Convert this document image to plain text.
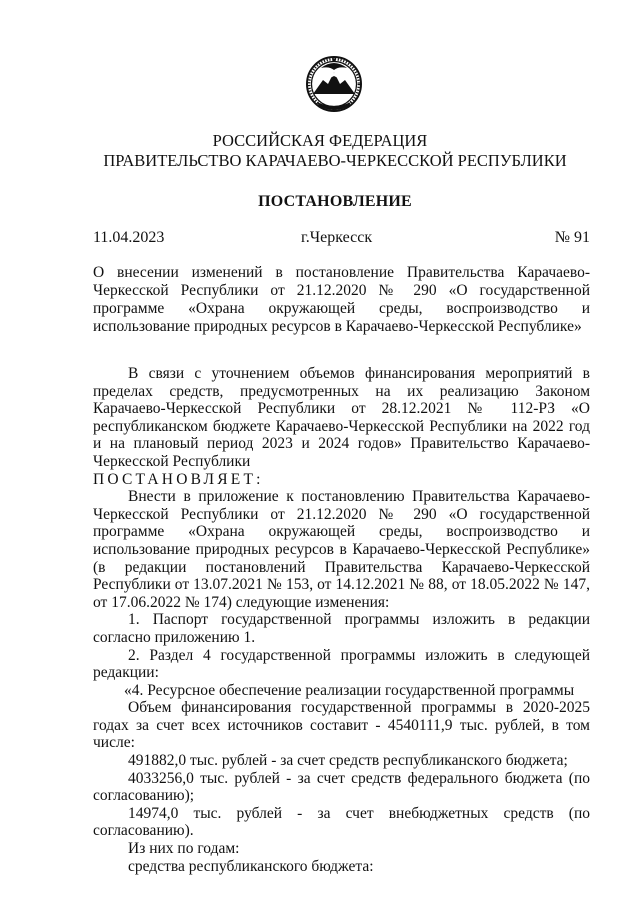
РОССИЙСКАЯ ФЕДЕРАЦИЯ
ПРАВИТЕЛЬСТВО КАРАЧАЕВО-ЧЕРКЕССКОЙ РЕСПУБЛИКИ
ПОСТАНОВЛЕНИЕ
11.04.2023	г.Черкесск	№ 91
О внесении изменений в постановление Правительства Карачаево-Черкесской Республики от 21.12.2020 № 290 «О государственной программе «Охрана окружающей среды, воспроизводство и использование природных ресурсов в Карачаево-Черкесской Республике»

В связи с уточнением объемов финансирования мероприятий в пределах средств, предусмотренных на их реализацию Законом Карачаево-Черкесской Республики от 28.12.2021 № 112-РЗ «О республиканском бюджете Карачаево-Черкесской Республики на 2022 год и на плановый период 2023 и 2024 годов» Правительство Карачаево-Черкесской Республики

ПОСТАНОВЛЯЕТ:

Внести в приложение к постановлению Правительства Карачаево-Черкесской Республики от 21.12.2020 № 290 «О государственной программе «Охрана окружающей среды, воспроизводство и использование природных ресурсов в Карачаево-Черкесской Республике» (в редакции постановлений Правительства Карачаево-Черкесской Республики от 13.07.2021 № 153, от 14.12.2021 № 88, от 18.05.2022 № 147, от 17.06.2022 № 174) следующие изменения:

1. Паспорт государственной программы изложить в редакции согласно приложению 1.

2. Раздел 4 государственной программы изложить в следующей редакции:

«4. Ресурсное обеспечение реализации государственной программы

Объем финансирования государственной программы в 2020-2025 годах за счет всех источников составит - 4540111,9 тыс. рублей, в том числе:

491882,0 тыс. рублей - за счет средств республиканского бюджета;

4033256,0 тыс. рублей - за счет средств федерального бюджета (по согласованию);

14974,0 тыс. рублей - за счет внебюджетных средств (по согласованию).

Из них по годам:

средства республиканского бюджета:
